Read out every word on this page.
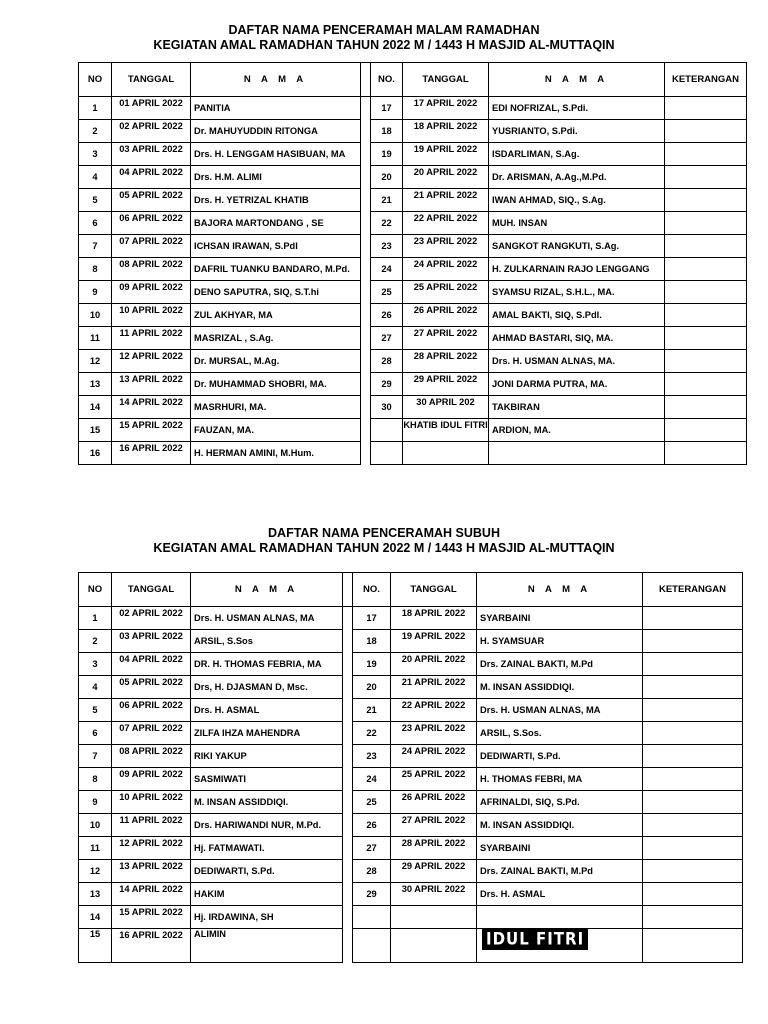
DAFTAR NAMA PENCERAMAH MALAM RAMADHAN
KEGIATAN AMAL RAMADHAN TAHUN 2022 M / 1443 H MASJID AL-MUTTAQIN
NO	TANGGAL	N A M A		NO.	TANGGAL	N A M A	KETERANGAN
1	01 APRIL 2022	PANITIA		17	17 APRIL 2022	EDI NOFRIZAL, S.Pdi.	
2	02 APRIL 2022	Dr. MAHUYUDDIN RITONGA		18	18 APRIL 2022	YUSRIANTO, S.Pdi.	
3	03 APRIL 2022	Drs. H. LENGGAM HASIBUAN, MA		19	19 APRIL 2022	ISDARLIMAN, S.Ag.	
4	04 APRIL 2022	Drs. H.M. ALIMI		20	20 APRIL 2022	Dr. ARISMAN, A.Ag.,M.Pd.	
5	05 APRIL 2022	Drs. H. YETRIZAL KHATIB		21	21 APRIL 2022	IWAN AHMAD, SIQ., S.Ag.	
6	06 APRIL 2022	BAJORA MARTONDANG , SE		22	22 APRIL 2022	MUH. INSAN	
7	07 APRIL 2022	ICHSAN IRAWAN, S.PdI		23	23 APRIL 2022	SANGKOT RANGKUTI, S.Ag.	
8	08 APRIL 2022	DAFRIL TUANKU BANDARO, M.Pd.		24	24 APRIL 2022	H. ZULKARNAIN RAJO LENGGANG	
9	09 APRIL 2022	DENO SAPUTRA, SIQ, S.T.hi		25	25 APRIL 2022	SYAMSU RIZAL, S.H.L., MA.	
10	10 APRIL 2022	ZUL AKHYAR, MA		26	26 APRIL 2022	AMAL BAKTI, SIQ, S.PdI.	
11	11 APRIL 2022	MASRIZAL , S.Ag.		27	27 APRIL 2022	AHMAD BASTARI, SIQ, MA.	
12	12 APRIL 2022	Dr. MURSAL, M.Ag.		28	28 APRIL 2022	Drs. H. USMAN ALNAS, MA.	
13	13 APRIL 2022	Dr. MUHAMMAD SHOBRI, MA.		29	29 APRIL 2022	JONI DARMA PUTRA, MA.	
14	14 APRIL 2022	MASRHURI, MA.		30	30 APRIL 202	TAKBIRAN	
15	15 APRIL 2022	FAUZAN, MA.			KHATIB IDUL FITRI	ARDION, MA.	
16	16 APRIL 2022	H. HERMAN AMINI, M.Hum.					
DAFTAR NAMA PENCERAMAH SUBUH
KEGIATAN AMAL RAMADHAN TAHUN 2022 M / 1443 H MASJID AL-MUTTAQIN
NO	TANGGAL	N A M A		NO.	TANGGAL	N A M A	KETERANGAN
1	02 APRIL 2022	Drs. H. USMAN ALNAS, MA		17	18 APRIL 2022	SYARBAINI	
2	03 APRIL 2022	ARSIL, S.Sos		18	19 APRIL 2022	H. SYAMSUAR	
3	04 APRIL 2022	DR. H. THOMAS FEBRIA, MA		19	20 APRIL 2022	Drs. ZAINAL BAKTI, M.Pd	
4	05 APRIL 2022	Drs, H. DJASMAN D, Msc.		20	21 APRIL 2022	M. INSAN ASSIDDIQI.	
5	06 APRIL 2022	Drs. H. ASMAL		21	22 APRIL 2022	Drs. H. USMAN ALNAS, MA	
6	07 APRIL 2022	ZILFA IHZA MAHENDRA		22	23 APRIL 2022	ARSIL, S.Sos.	
7	08 APRIL 2022	RIKI YAKUP		23	24 APRIL 2022	DEDIWARTI, S.Pd.	
8	09 APRIL 2022	SASMIWATI		24	25 APRIL 2022	H. THOMAS FEBRI, MA	
9	10 APRIL 2022	M. INSAN ASSIDDIQI.		25	26 APRIL 2022	AFRINALDI, SIQ, S.Pd.	
10	11 APRIL 2022	Drs. HARIWANDI NUR, M.Pd.		26	27 APRIL 2022	M. INSAN ASSIDDIQI.	
11	12 APRIL 2022	Hj. FATMAWATI.		27	28 APRIL 2022	SYARBAINI	
12	13 APRIL 2022	DEDIWARTI, S.Pd.		28	29 APRIL 2022	Drs. ZAINAL BAKTI, M.Pd	
13	14 APRIL 2022	HAKIM		29	30 APRIL 2022	Drs. H. ASMAL	
14	15 APRIL 2022	Hj. IRDAWINA, SH					
15	16 APRIL 2022	ALIMIN				IDUL FITRI	
